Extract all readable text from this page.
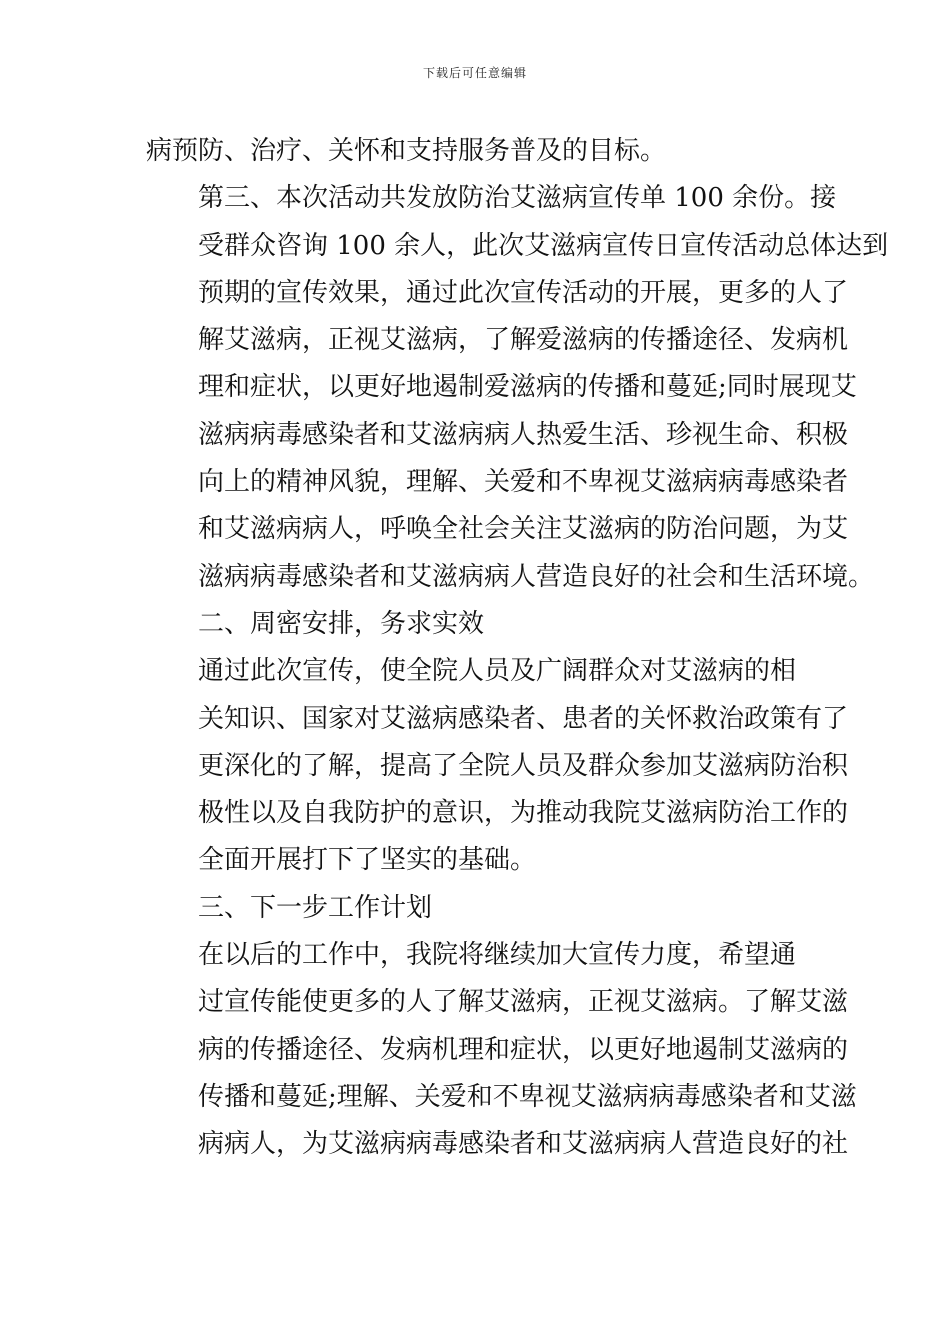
下载后可任意编辑

病预防、治疗、关怀和支持服务普及的目标。

第三、本次活动共发放防治艾滋病宣传单 100 余份。接
受群众咨询 100 余人，此次艾滋病宣传日宣传活动总体达到
预期的宣传效果，通过此次宣传活动的开展，更多的人了
解艾滋病，正视艾滋病，了解爱滋病的传播途径、发病机
理和症状，以更好地遏制爱滋病的传播和蔓延;同时展现艾
滋病病毒感染者和艾滋病病人热爱生活、珍视生命、积极
向上的精神风貌，理解、关爱和不卑视艾滋病病毒感染者
和艾滋病病人，呼唤全社会关注艾滋病的防治问题，为艾
滋病病毒感染者和艾滋病病人营造良好的社会和生活环境。

二、周密安排，务求实效

通过此次宣传，使全院人员及广阔群众对艾滋病的相
关知识、国家对艾滋病感染者、患者的关怀救治政策有了
更深化的了解，提高了全院人员及群众参加艾滋病防治积
极性以及自我防护的意识，为推动我院艾滋病防治工作的
全面开展打下了坚实的基础。

三、下一步工作计划

在以后的工作中，我院将继续加大宣传力度，希望通
过宣传能使更多的人了解艾滋病，正视艾滋病。了解艾滋
病的传播途径、发病机理和症状，以更好地遏制艾滋病的
传播和蔓延;理解、关爱和不卑视艾滋病病毒感染者和艾滋
病病人，为艾滋病病毒感染者和艾滋病病人营造良好的社
